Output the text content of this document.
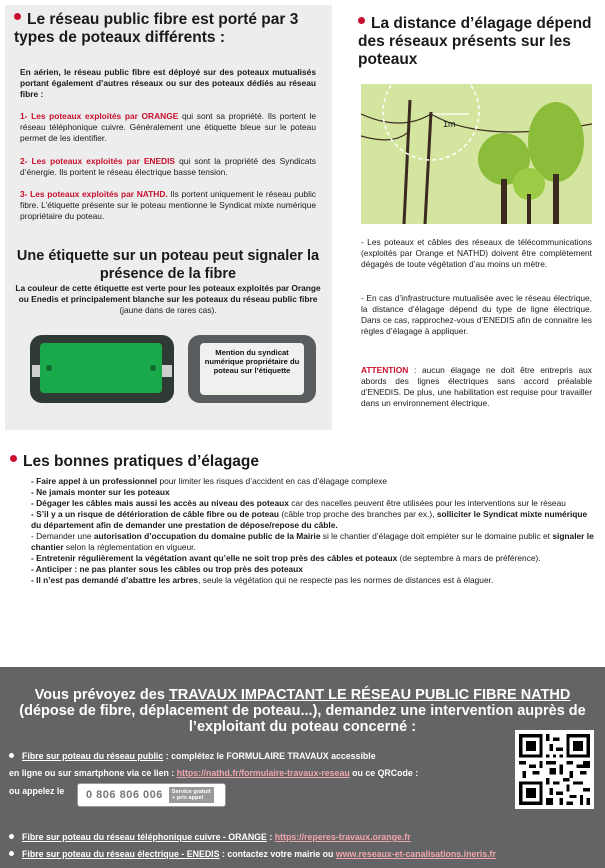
Le réseau public fibre est porté par 3 types de poteaux différents :
En aérien, le réseau public fibre est déployé sur des poteaux mutualisés portant également d’autres réseaux ou sur des poteaux dédiés au réseau fibre :
1- Les poteaux exploités par ORANGE qui sont sa propriété. Ils portent le réseau téléphonique cuivre. Généralement une étiquette bleue sur le poteau permet de les identifier.
2- Les poteaux exploités par ENEDIS qui sont la propriété des Syndicats d’énergie. Ils portent le réseau électrique basse tension.
3- Les poteaux exploités par NATHD. Ils portent uniquement le réseau public fibre. L’étiquette présente sur le poteau mentionne le Syndicat mixte numérique propriétaire du poteau.
Une étiquette sur un poteau peut signaler la présence de la fibre
La couleur de cette étiquette est verte pour les poteaux exploités par Orange ou Enedis et principalement blanche sur les poteaux du réseau public fibre (jaune dans de rares cas).
Mention du syndicat numérique propriétaire du poteau sur l’étiquette
La distance d’élagage dépend des réseaux présents sur les poteaux
1m
- Les poteaux et câbles des réseaux de télécommunications (exploités par Orange et NATHD) doivent être complètement dégagés de toute végétation d’au moins un mètre.
- En cas d’infrastructure mutualisée avec le réseau électrique, la distance d’élagage dépend du type de ligne électrique. Dans ce cas, rapprochez-vous d’ENEDIS afin de connaitre les règles d’élagage à appliquer.
ATTENTION : aucun élagage ne doit être entrepris aux abords des lignes électriques sans accord préalable d’ENEDIS. De plus, une habilitation est requise pour travailler dans un environnement électrique.
Les bonnes pratiques d’élagage
- Faire appel à un professionnel pour limiter les risques d’accident en cas d’élagage complexe
- Ne jamais monter sur les poteaux
- Dégager les câbles mais aussi les accès au niveau des poteaux car des nacelles peuvent être utilisées pour les interventions sur le réseau
- S’il y a un risque de détérioration de câble fibre ou de poteau (câble trop proche des branches par ex.), solliciter le Syndicat mixte numérique du département afin de demander une prestation de dépose/repose du câble.
- Demander une autorisation d’occupation du domaine public de la Mairie si le chantier d’élagage doit empiéter sur le domaine public et signaler le chantier selon la réglementation en vigueur.
- Entretenir régulièrement la végétation avant qu’elle ne soit trop près des câbles et poteaux (de septembre à mars de préférence).
- Anticiper : ne pas planter sous les câbles ou trop près des poteaux
- Il n’est pas demandé d’abattre les arbres, seule la végétation qui ne respecte pas les normes de distances est à élaguer.
Vous prévoyez des TRAVAUX IMPACTANT LE RÉSEAU PUBLIC FIBRE NATHD
(dépose de fibre, déplacement de poteau...), demandez une intervention auprès de l’exploitant du poteau concerné :
Fibre sur poteau du réseau public : complétez le FORMULAIRE TRAVAUX accessible
en ligne ou sur smartphone via ce lien : https://nathd.fr/formulaire-travaux-reseau ou ce QRCode :
ou appelez le	0 806 806 006	Service gratuit
+ prix appel
Fibre sur poteau du réseau téléphonique cuivre - ORANGE : https://reperes-travaux.orange.fr
Fibre sur poteau du réseau électrique - ENEDIS : contactez votre mairie ou www.reseaux-et-canalisations.ineris.fr
